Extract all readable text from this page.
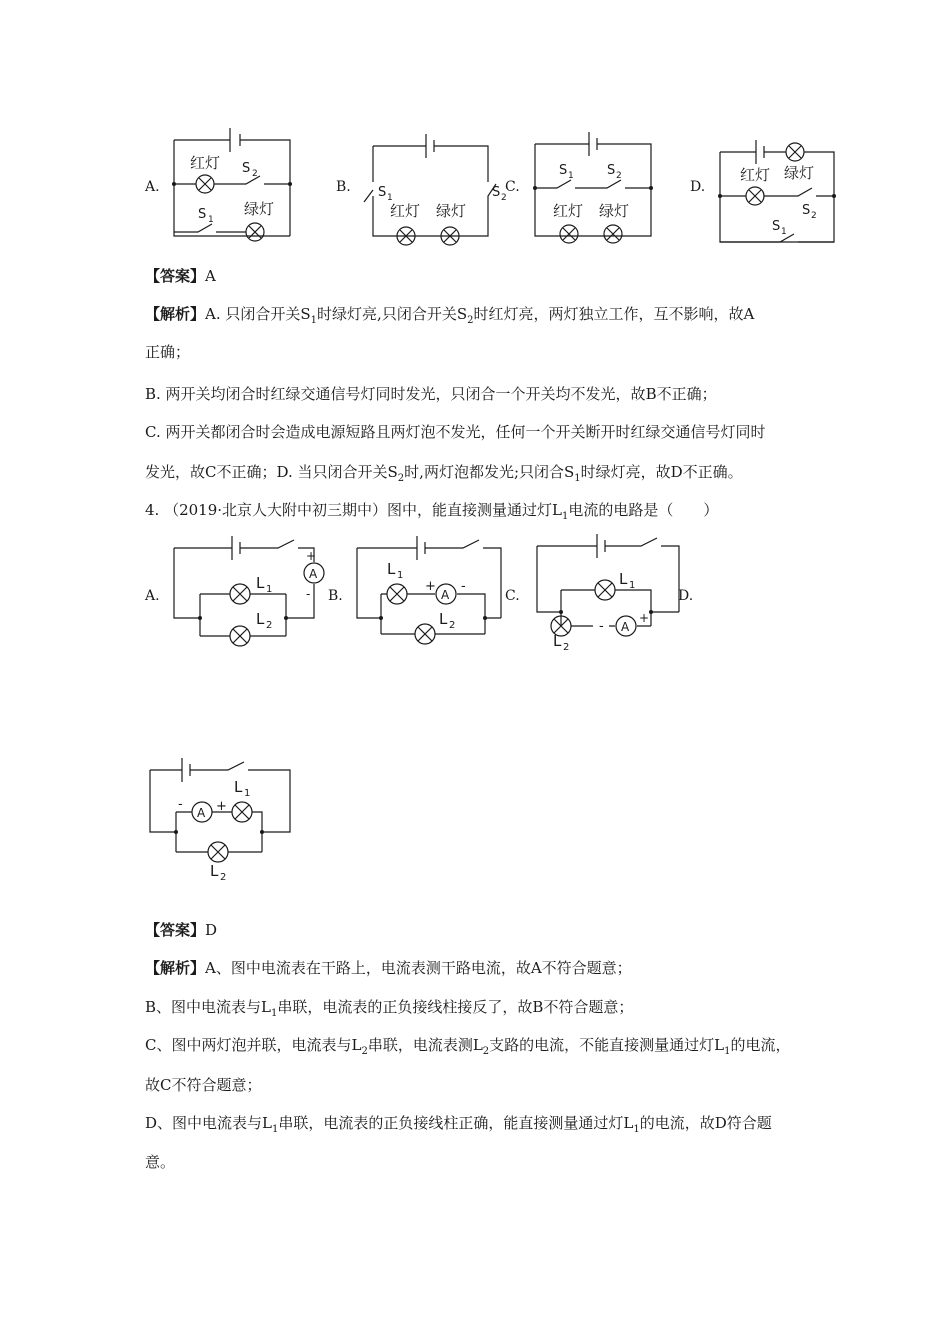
A.	B.	C.	D.
红灯 S 2
S 1
绿灯
S 1	S 2
红灯 绿灯
S 1	S 2
红灯 绿灯
红灯 绿灯
S 2
S 1
【答案】A
【解析】A. 只闭合开关$S_1$时绿灯亮,只闭合开关$S_2$时红灯亮，两灯独立工作，互不影响，故A
正确；
B. 两开关均闭合时红绿交通信号灯同时发光，只闭合一个开关均不发光，故B不正确；
C. 两开关都闭合时会造成电源短路且两灯泡不发光，任何一个开关断开时红绿交通信号灯同时
发光，故C不正确；D. 当只闭合开关$S_2$时,两灯泡都发光;只闭合$S_1$时绿灯亮，故D不正确。
4. （2019·北京人大附中初三期中）图中，能直接测量通过灯$L_1$电流的电路是（　　）
A.	B.	C.	D.
A
+
-
L 1
L 2
A
+ -
L 1
L 2	A
-
+
L 1
L 2
A
-	+
L 1
L 2
【答案】D
【解析】A、图中电流表在干路上，电流表测干路电流，故A不符合题意；
B、图中电流表与$L_1$串联，电流表的正负接线柱接反了，故B不符合题意；
C、图中两灯泡并联，电流表与$L_2$串联，电流表测$L_2$支路的电流，不能直接测量通过灯$L_1$的电流，
故C不符合题意；
D、图中电流表与$L_1$串联，电流表的正负接线柱正确，能直接测量通过灯$L_1$的电流，故D符合题
意。
